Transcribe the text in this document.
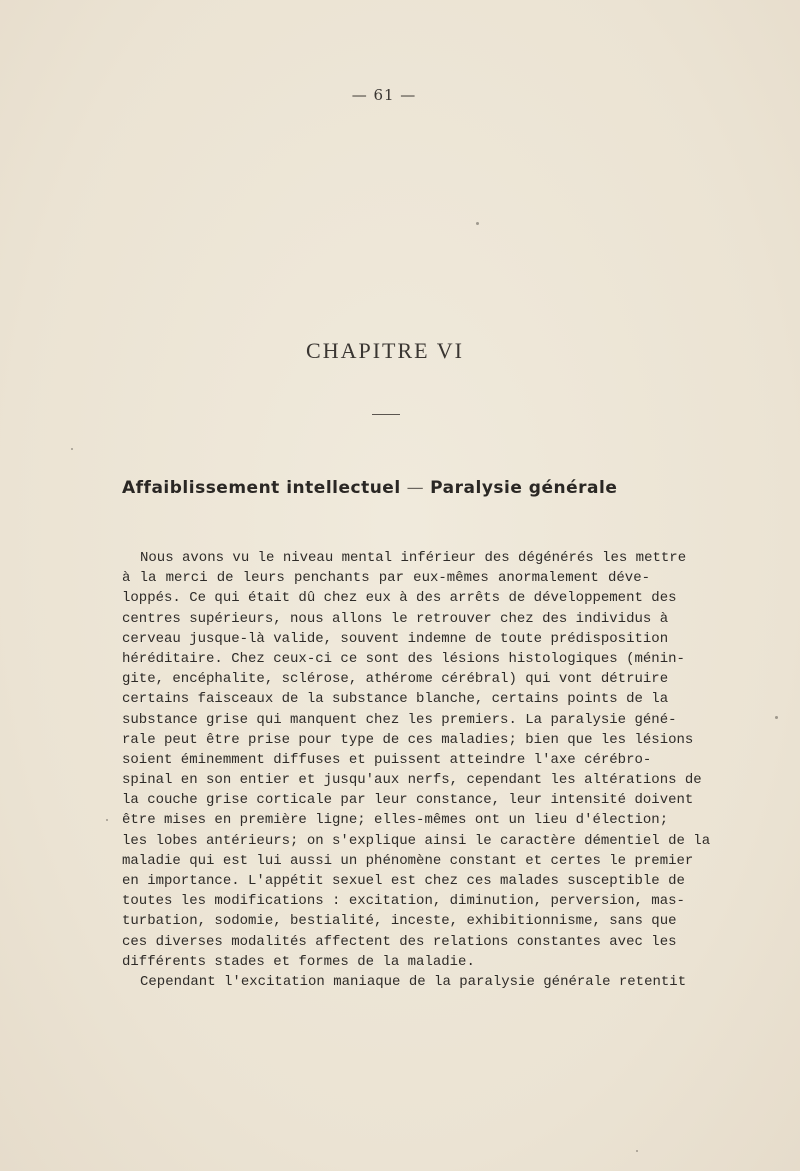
— 61 —
CHAPITRE VI
Affaiblissement intellectuel — Paralysie générale
Nous avons vu le niveau mental inférieur des dégénérés les mettre
à la merci de leurs penchants par eux-mêmes anormalement déve-
loppés. Ce qui était dû chez eux à des arrêts de développement des
centres supérieurs, nous allons le retrouver chez des individus à
cerveau jusque-là valide, souvent indemne de toute prédisposition
héréditaire. Chez ceux-ci ce sont des lésions histologiques (ménin-
gite, encéphalite, sclérose, athérome cérébral) qui vont détruire
certains faisceaux de la substance blanche, certains points de la
substance grise qui manquent chez les premiers. La paralysie géné-
rale peut être prise pour type de ces maladies; bien que les lésions
soient éminemment diffuses et puissent atteindre l'axe cérébro-
spinal en son entier et jusqu'aux nerfs, cependant les altérations de
la couche grise corticale par leur constance, leur intensité doivent
être mises en première ligne; elles-mêmes ont un lieu d'élection;
les lobes antérieurs; on s'explique ainsi le caractère démentiel de la
maladie qui est lui aussi un phénomène constant et certes le premier
en importance. L'appétit sexuel est chez ces malades susceptible de
toutes les modifications : excitation, diminution, perversion, mas-
turbation, sodomie, bestialité, inceste, exhibitionnisme, sans que
ces diverses modalités affectent des relations constantes avec les
différents stades et formes de la maladie.
Cependant l'excitation maniaque de la paralysie générale retentit
